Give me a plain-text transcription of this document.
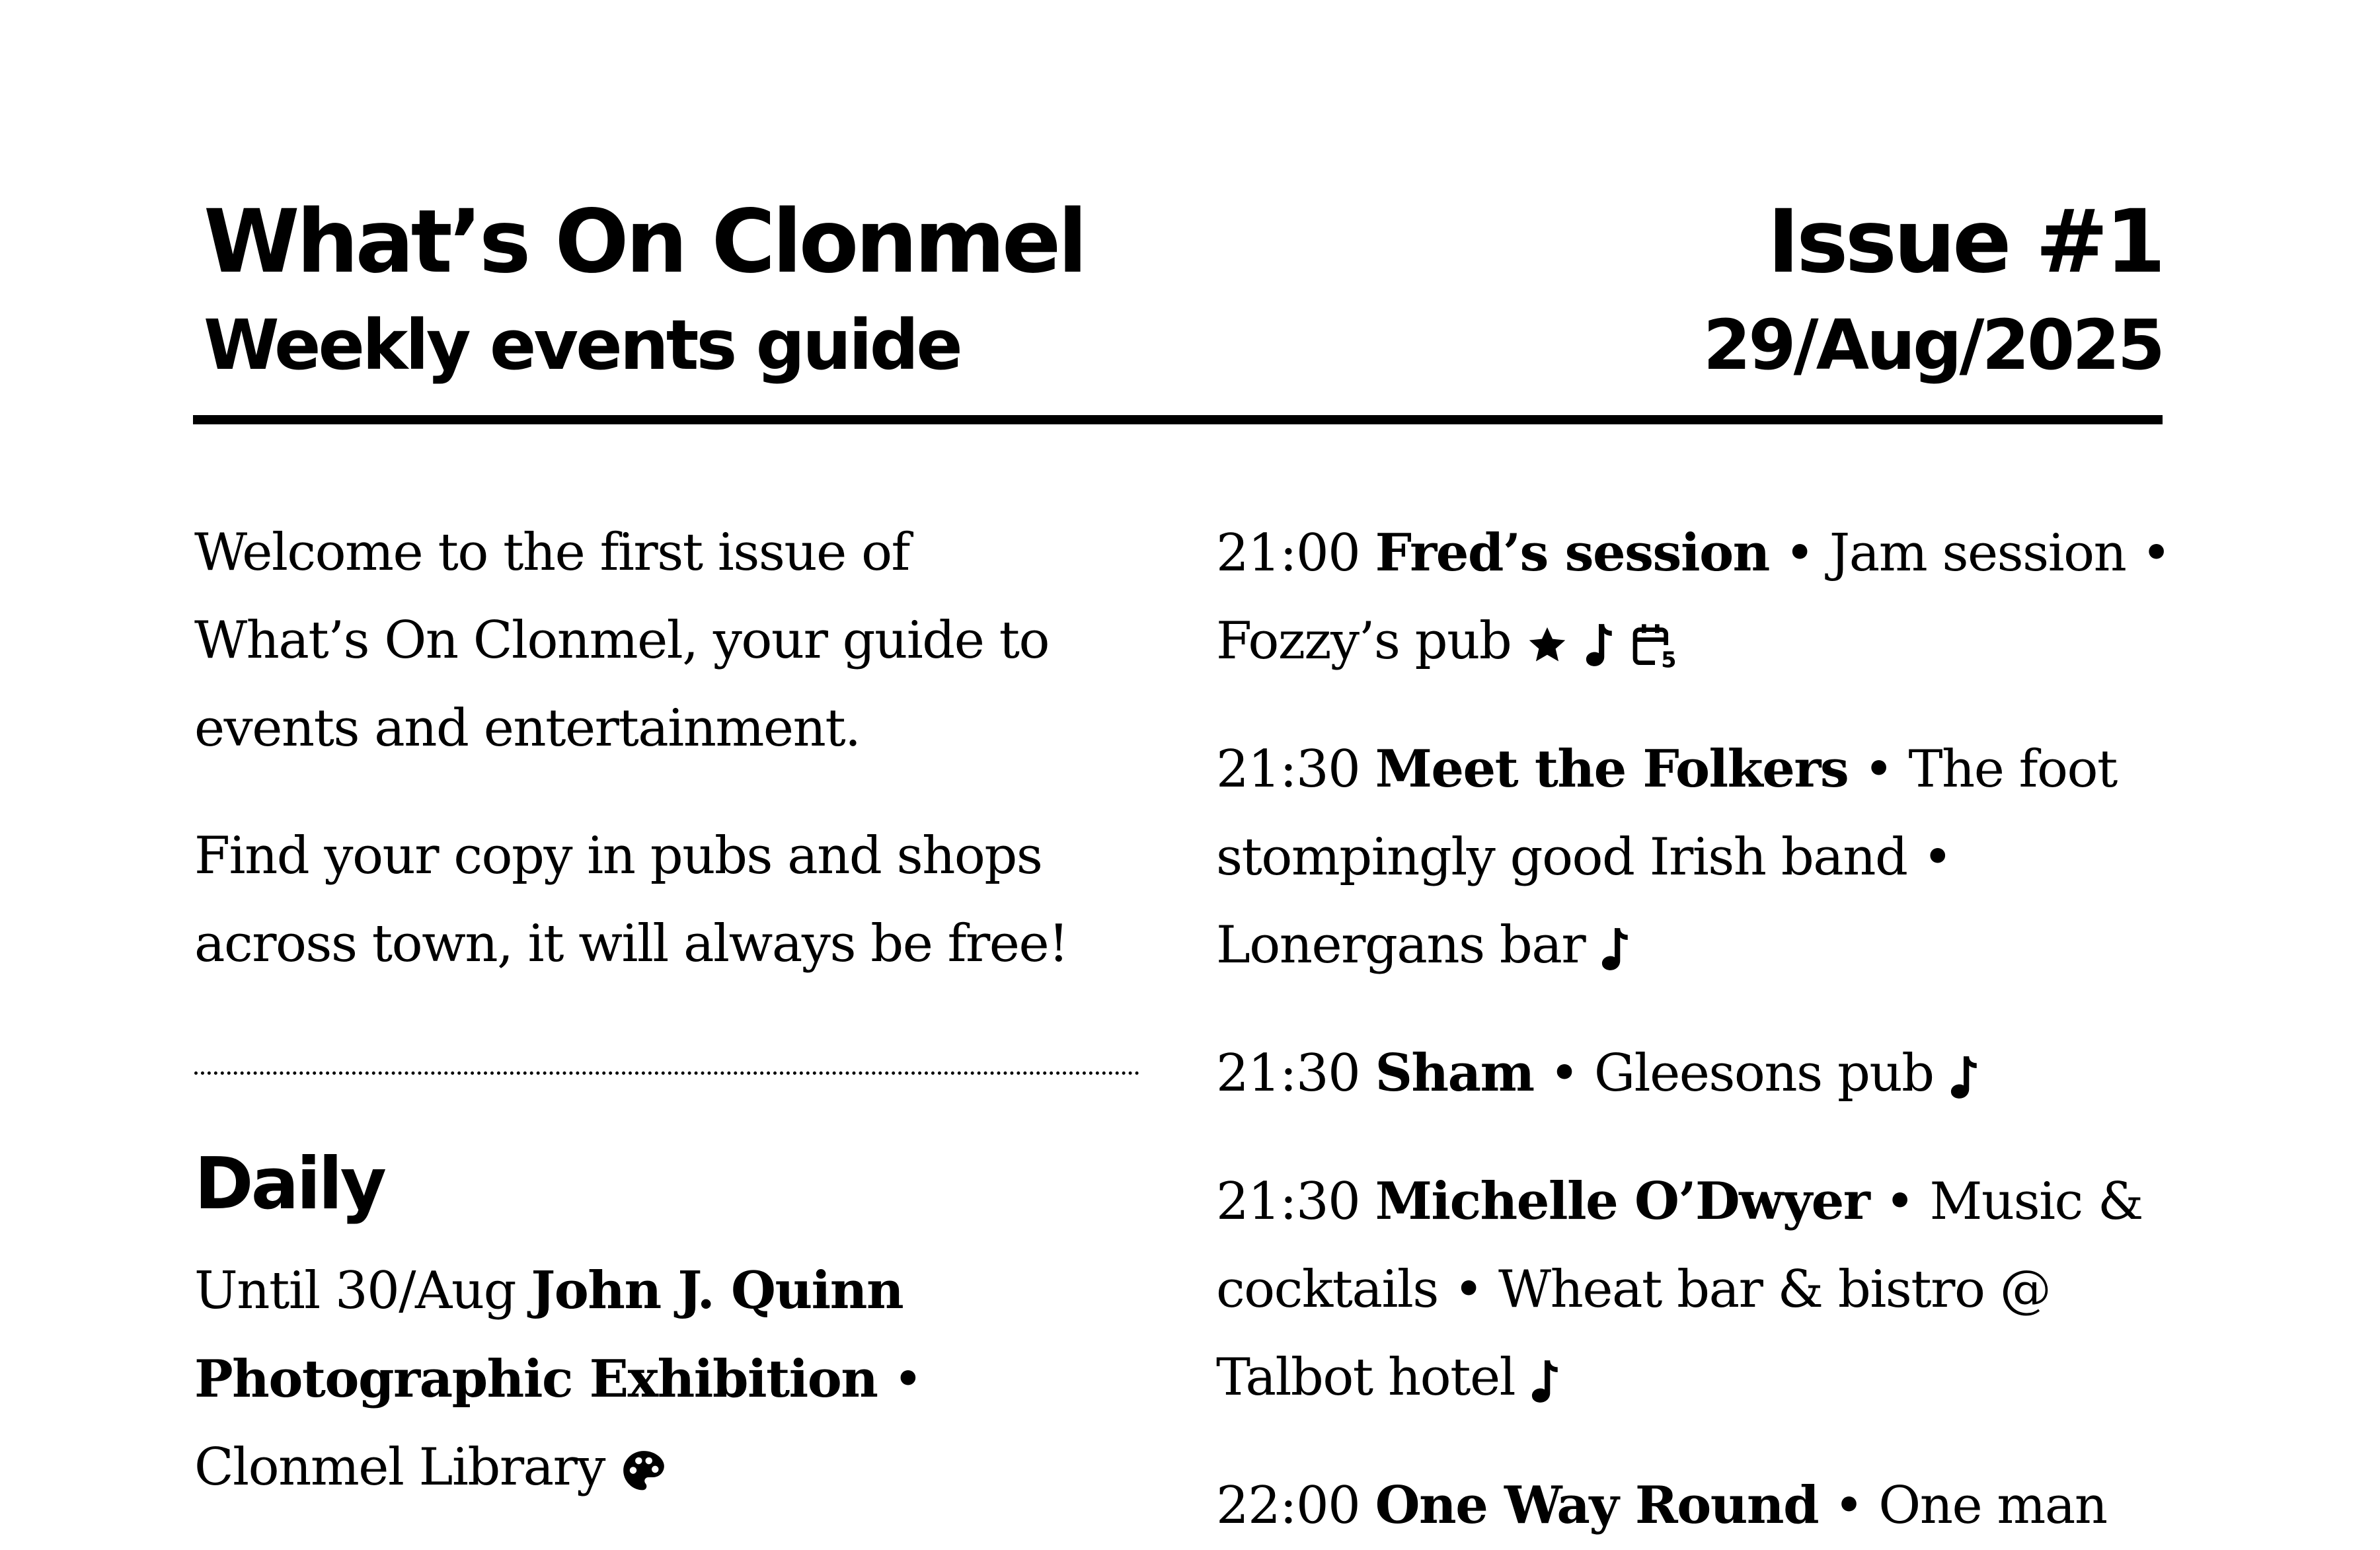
What’s On Clonmel
Weekly events guide
Issue #1
29/Aug/2025

Welcome to the first issue of
What’s On Clonmel, your guide to
events and entertainment.

Find your copy in pubs and shops
across town, it will always be free!

Daily
Until 30/Aug John J. Quinn
Photographic Exhibition •
Clonmel Library
21:00 Fred’s session • Jam session •
Fozzy’s pub	5
21:30 Meet the Folkers • The foot
stompingly good Irish band •
Lonergans bar
21:30 Sham • Gleesons pub
21:30 Michelle O’Dwyer • Music &
cocktails • Wheat bar & bistro @
Talbot hotel
22:00 One Way Round • One man
